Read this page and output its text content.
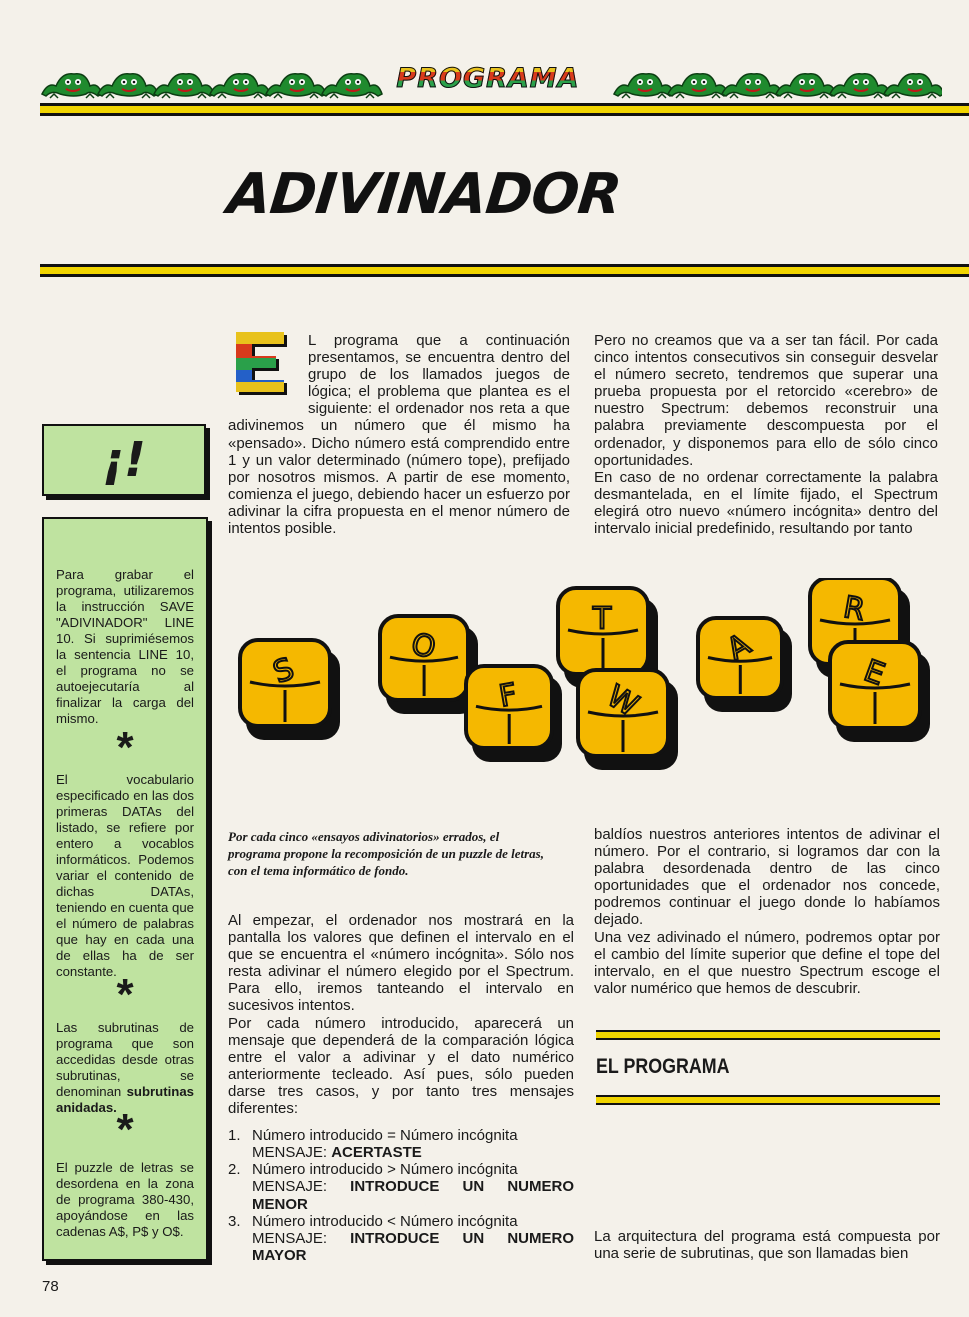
PROGRAMA
ADIVINADOR
¡!
Para grabar el programa, utilizaremos la instrucción SAVE "ADIVINADOR" LINE 10. Si suprimiésemos la sentencia LINE 10, el programa no se autoejecutaría al finalizar la carga del mismo.
*
El vocabulario especificado en las dos primeras DATAs del listado, se refiere por entero a vocablos informáticos. Podemos variar el contenido de dichas DATAs, teniendo en cuenta que el número de palabras que hay en cada una de ellas ha de ser constante. *
Las subrutinas de programa que son accedidas desde otras subrutinas, se denominan subrutinas anidadas. *
El puzzle de letras se desordena en la zona de programa 380-430, apoyándose en las cadenas A$, P$ y O$.

L programa que a continuación presentamos, se encuentra dentro del grupo de los llamados juegos de lógica; el problema que plantea es el siguiente: el ordenador nos reta a que adivinemos un número que él mismo ha «pensado». Dicho número está comprendido entre 1 y un valor determinado (número tope), prefijado por nosotros mismos. A partir de ese momento, comienza el juego, debiendo hacer un esfuerzo por adivinar la cifra propuesta en el menor número de intentos posible.

Pero no creamos que va a ser tan fácil. Por cada cinco intentos consecutivos sin conseguir desvelar el número secreto, tendremos que superar una prueba propuesta por el retorcido «cerebro» de nuestro Spectrum: debemos reconstruir una palabra previamente descompuesta por el ordenador, y disponemos para ello de sólo cinco oportunidades.

En caso de no ordenar correctamente la palabra desmantelada, en el límite fijado, el Spectrum elegirá otro nuevo «número incógnita» dentro del intervalo inicial predefinido, resultando por tanto

S
O
F
T
W
A
R
E
Por cada cinco «ensayos adivinatorios» errados, el programa propone la recomposición de un puzzle de letras, con el tema informático de fondo.

Al empezar, el ordenador nos mostrará en la pantalla los valores que definen el intervalo en el que se encuentra el «número incógnita». Sólo nos resta adivinar el número elegido por el Spectrum. Para ello, iremos tanteando el intervalo en sucesivos intentos.

Por cada número introducido, aparecerá un mensaje que dependerá de la comparación lógica entre el valor a adivinar y el dato numérico anteriormente tecleado. Así pues, sólo pueden darse tres casos, y por tanto tres mensajes diferentes:

1. Número introducido = Número incógnita
MENSAJE: ACERTASTE
2. Número introducido > Número incógnita
MENSAJE: INTRODUCE UN NUMERO MENOR
3. Número introducido < Número incógnita
MENSAJE: INTRODUCE UN NUMERO MAYOR

baldíos nuestros anteriores intentos de adivinar el número. Por el contrario, si logramos dar con la palabra desordenada dentro de las cinco oportunidades que el ordenador nos concede, podremos continuar el juego donde lo habíamos dejado.

Una vez adivinado el número, podremos optar por el cambio del límite superior que define el tope del intervalo, en el que nuestro Spectrum escoge el valor numérico que hemos de descubrir.

EL PROGRAMA
La arquitectura del programa está compuesta por una serie de subrutinas, que son llamadas bien
78
